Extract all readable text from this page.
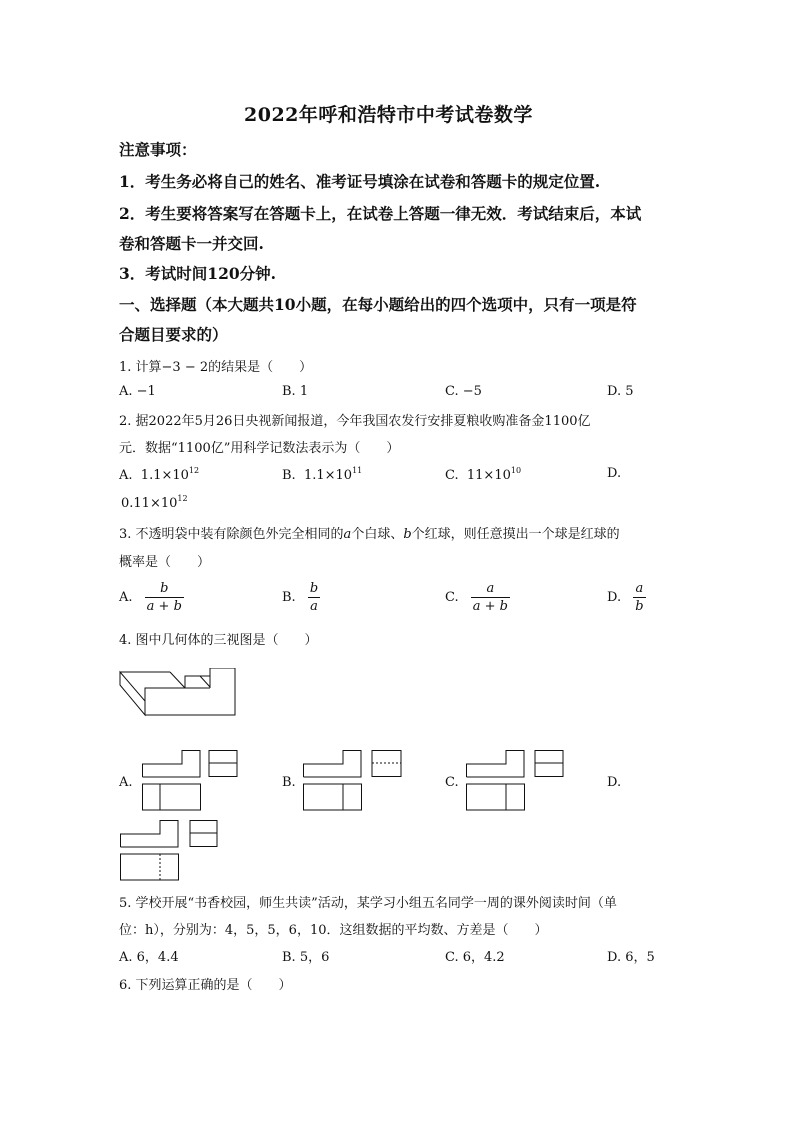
2022年呼和浩特市中考试卷数学
注意事项：
1．考生务必将自己的姓名、准考证号填涂在试卷和答题卡的规定位置.
2．考生要将答案写在答题卡上，在试卷上答题一律无效．考试结束后，本试
卷和答题卡一并交回.
3．考试时间120分钟.
一、选择题（本大题共10小题，在每小题给出的四个选项中，只有一项是符
合题目要求的）
1. 计算−3 − 2的结果是（　　）
A. −1	B. 1	C. −5	D. 5
2. 据2022年5月26日央视新闻报道，今年我国农发行安排夏粮收购准备金1100亿
元．数据“1100亿”用科学记数法表示为（　　）
A. $1.1\times 10^{12}$	B. $1.1\times 10^{11}$	C. $11\times 10^{10}$	D.
$0.11\times 10^{12}$
3. 不透明袋中装有除颜色外完全相同的a个白球、b个红球，则任意摸出一个球是红球的
概率是（　　）
A. $\frac{b}{a + b}$	B. $\frac{b}{a}$	C. $\frac{a}{a + b}$	D. $\frac{a}{b}$
4. 图中几何体的三视图是（　　）
A.	B.	C.	D.
5. 学校开展“书香校园，师生共读”活动，某学习小组五名同学一周的课外阅读时间（单
位：h），分别为：4，5，5，6，10．这组数据的平均数、方差是（　　）
A. 6，4.4	B. 5，6	C. 6，4.2	D. 6，5
6. 下列运算正确的是（　　）
